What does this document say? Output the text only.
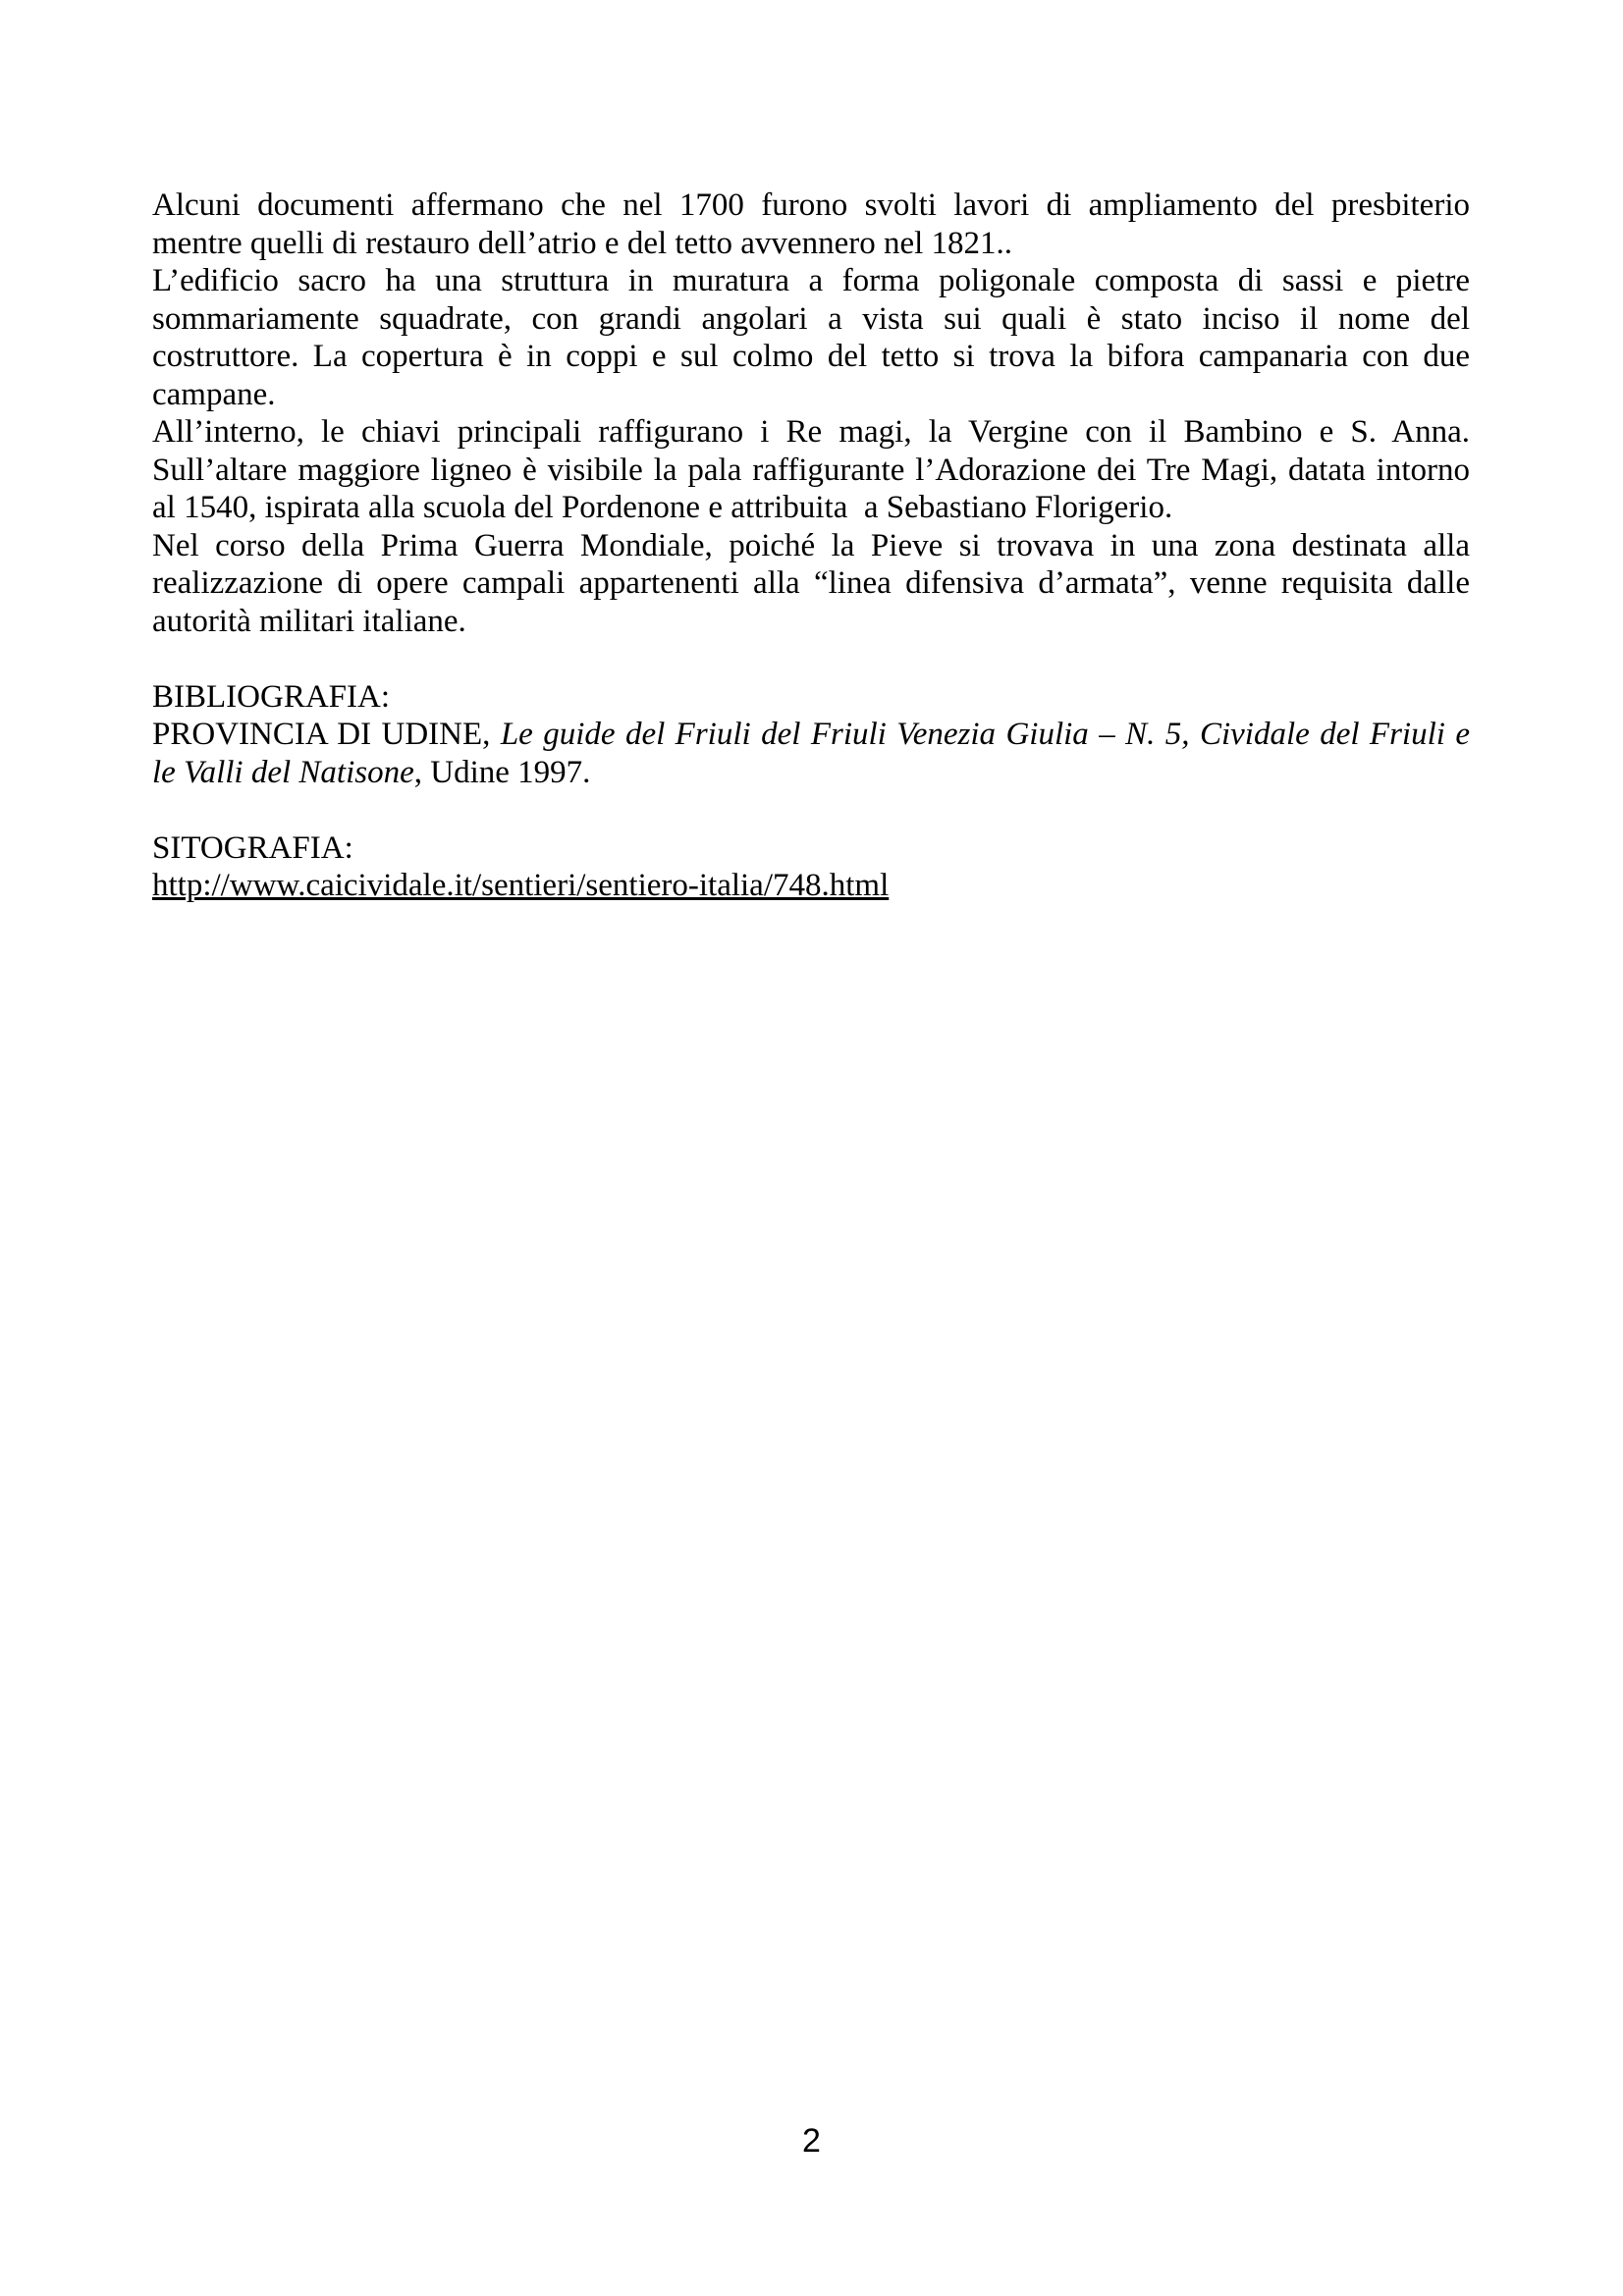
Alcuni documenti affermano che nel 1700 furono svolti lavori di ampliamento del presbiterio
mentre quelli di restauro dell’atrio e del tetto avvennero nel 1821..
L’edificio sacro ha una struttura in muratura a forma poligonale composta di sassi e pietre
sommariamente squadrate, con grandi angolari a vista sui quali è stato inciso il nome del
costruttore. La copertura è in coppi e sul colmo del tetto si trova la bifora campanaria con due
campane.
All’interno, le chiavi principali raffigurano i Re magi, la Vergine con il Bambino e S. Anna.
Sull’altare maggiore ligneo è visibile la pala raffigurante l’Adorazione dei Tre Magi, datata intorno
al 1540, ispirata alla scuola del Pordenone e attribuita  a Sebastiano Florigerio.
Nel corso della Prima Guerra Mondiale, poiché la Pieve si trovava in una zona destinata alla
realizzazione di opere campali appartenenti alla “linea difensiva d’armata”, venne requisita dalle
autorità militari italiane.
BIBLIOGRAFIA:
PROVINCIA DI UDINE, Le guide del Friuli del Friuli Venezia Giulia – N. 5, Cividale del Friuli e
le Valli del Natisone, Udine 1997.
SITOGRAFIA:
http://www.caicividale.it/sentieri/sentiero-italia/748.html
2
